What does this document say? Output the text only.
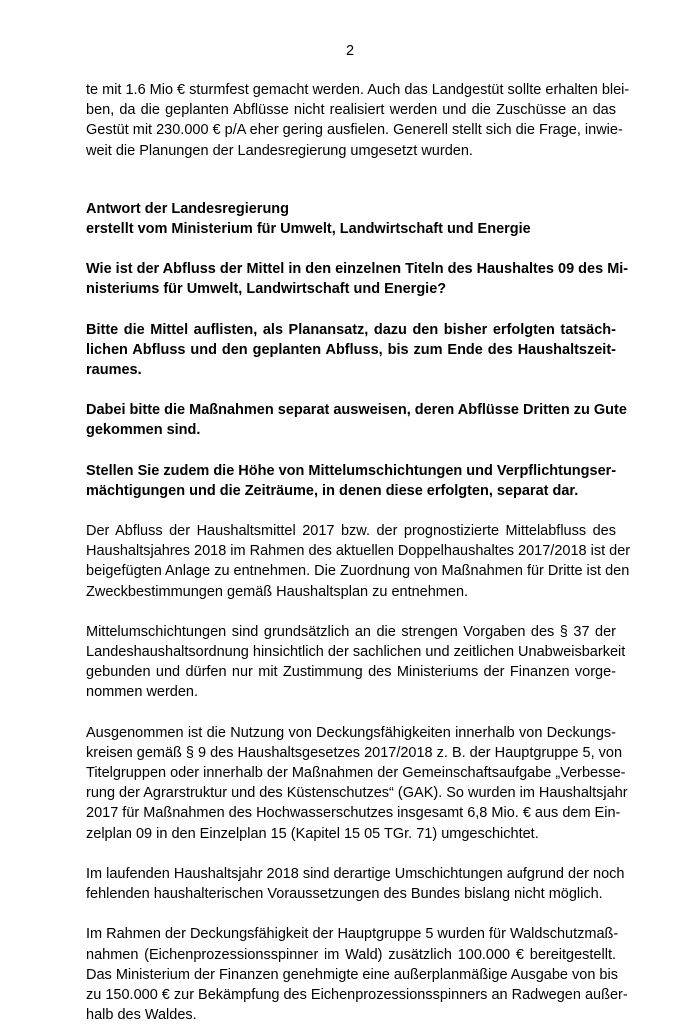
2

te mit 1.6 Mio € sturmfest gemacht werden. Auch das Landgestüt sollte erhalten blei-
ben, da die geplanten Abflüsse nicht realisiert werden und die Zuschüsse an das
Gestüt mit 230.000 € p/A eher gering ausfielen. Generell stellt sich die Frage, inwie-
weit die Planungen der Landesregierung umgesetzt wurden.

Antwort der Landesregierung
erstellt vom Ministerium für Umwelt, Landwirtschaft und Energie

Wie ist der Abfluss der Mittel in den einzelnen Titeln des Haushaltes 09 des Mi-
nisteriums für Umwelt, Landwirtschaft und Energie?

Bitte die Mittel auflisten, als Planansatz, dazu den bisher erfolgten tatsäch-
lichen Abfluss und den geplanten Abfluss, bis zum Ende des Haushaltszeit-
raumes.

Dabei bitte die Maßnahmen separat ausweisen, deren Abflüsse Dritten zu Gute
gekommen sind.

Stellen Sie zudem die Höhe von Mittelumschichtungen und Verpflichtungser-
mächtigungen und die Zeiträume, in denen diese erfolgten, separat dar.

Der Abfluss der Haushaltsmittel 2017 bzw. der prognostizierte Mittelabfluss des
Haushaltsjahres 2018 im Rahmen des aktuellen Doppelhaushaltes 2017/2018 ist der
beigefügten Anlage zu entnehmen. Die Zuordnung von Maßnahmen für Dritte ist den
Zweckbestimmungen gemäß Haushaltsplan zu entnehmen.

Mittelumschichtungen sind grundsätzlich an die strengen Vorgaben des § 37 der
Landeshaushaltsordnung hinsichtlich der sachlichen und zeitlichen Unabweisbarkeit
gebunden und dürfen nur mit Zustimmung des Ministeriums der Finanzen vorge-
nommen werden.

Ausgenommen ist die Nutzung von Deckungsfähigkeiten innerhalb von Deckungs-
kreisen gemäß § 9 des Haushaltsgesetzes 2017/2018 z. B. der Hauptgruppe 5, von
Titelgruppen oder innerhalb der Maßnahmen der Gemeinschaftsaufgabe „Verbesse-
rung der Agrarstruktur und des Küstenschutzes“ (GAK). So wurden im Haushaltsjahr
2017 für Maßnahmen des Hochwasserschutzes insgesamt 6,8 Mio. € aus dem Ein-
zelplan 09 in den Einzelplan 15 (Kapitel 15 05 TGr. 71) umgeschichtet.

Im laufenden Haushaltsjahr 2018 sind derartige Umschichtungen aufgrund der noch
fehlenden haushalterischen Voraussetzungen des Bundes bislang nicht möglich.

Im Rahmen der Deckungsfähigkeit der Hauptgruppe 5 wurden für Waldschutzmaß-
nahmen (Eichenprozessionsspinner im Wald) zusätzlich 100.000 € bereitgestellt.
Das Ministerium der Finanzen genehmigte eine außerplanmäßige Ausgabe von bis
zu 150.000 € zur Bekämpfung des Eichenprozessionsspinners an Radwegen außer-
halb des Waldes.
